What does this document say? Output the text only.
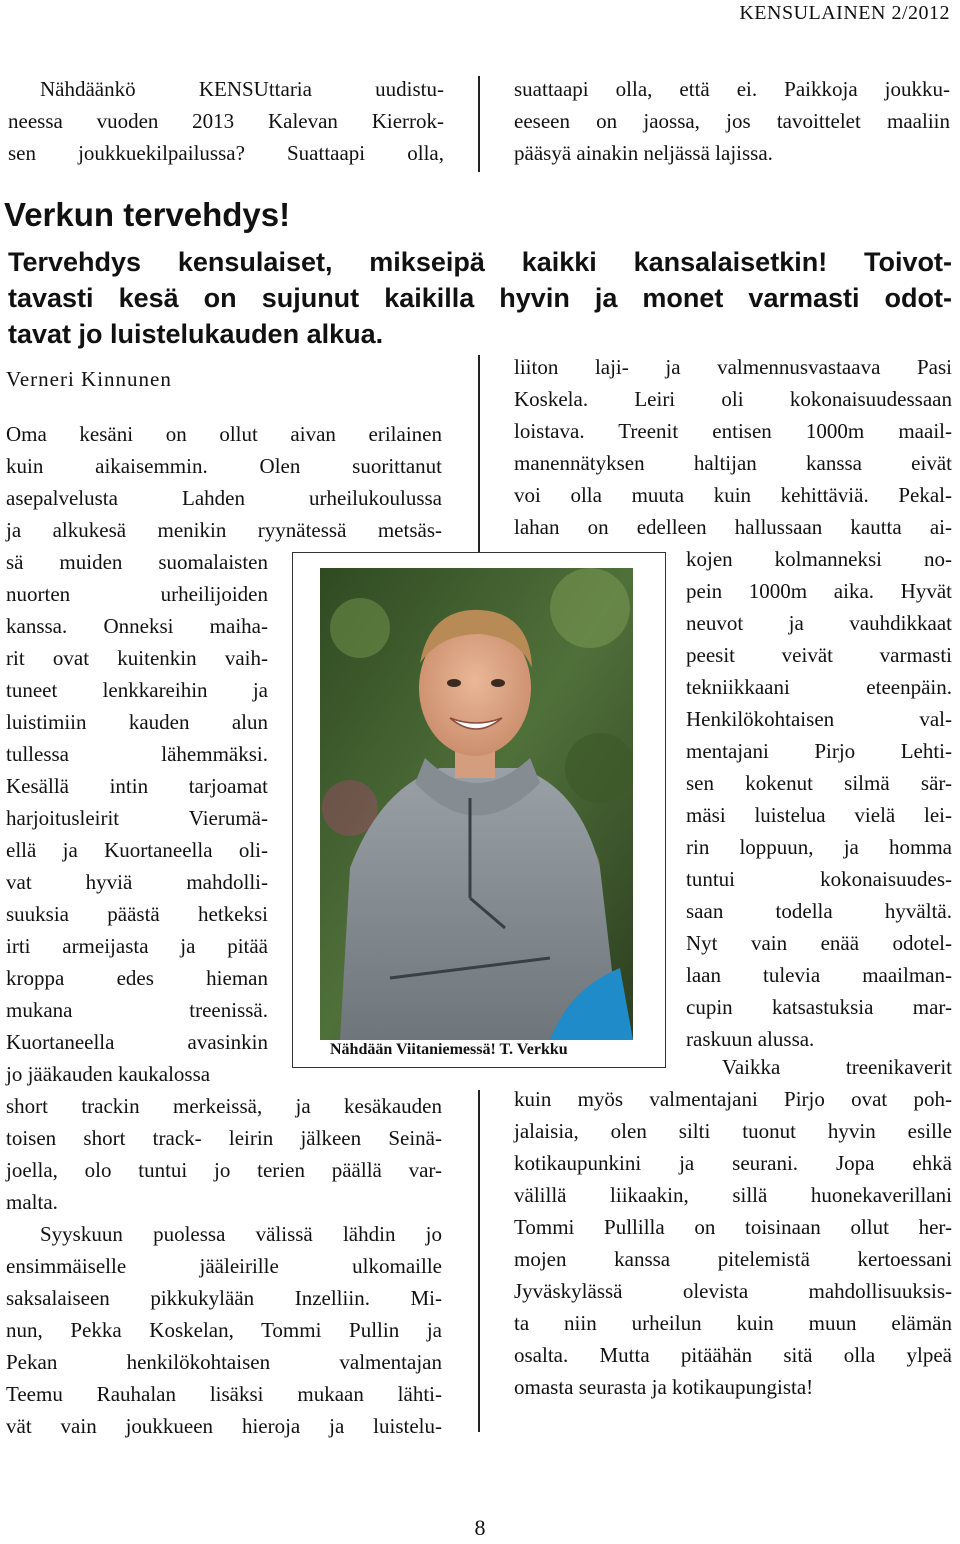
KENSULAINEN 2/2012
Nähdäänkö KENSUttaria uudistu-
neessa vuoden 2013 Kalevan Kierrok-
sen joukkuekilpailussa? Suattaapi olla,
suattaapi olla, että ei. Paikkoja joukku-
eeseen on jaossa, jos tavoittelet maaliin
pääsyä ainakin neljässä lajissa.
Verkun tervehdys!
Tervehdys kensulaiset, mikseipä kaikki kansalaisetkin! Toivot-
tavasti kesä on sujunut kaikilla hyvin ja monet varmasti odot-
tavat jo luistelukauden alkua.
Verneri Kinnunen
Oma kesäni on ollut aivan erilainen
kuin aikaisemmin. Olen suorittanut
asepalvelusta Lahden urheilukoulussa
ja alkukesä menikin ryynätessä metsäs-
sä muiden suomalaisten
nuorten urheilijoiden
kanssa. Onneksi maiha-
rit ovat kuitenkin vaih-
tuneet lenkkareihin ja
luistimiin kauden alun
tullessa lähemmäksi.
Kesällä intin tarjoamat
harjoitusleirit Vierumä-
ellä ja Kuortaneella oli-
vat hyviä mahdolli-
suuksia päästä hetkeksi
irti armeijasta ja pitää
kroppa edes hieman
mukana treenissä.
Kuortaneella avasinkin
jo jääkauden kaukalossa
short trackin merkeissä, ja kesäkauden
toisen short track- leirin jälkeen Seinä-
joella, olo tuntui jo terien päällä var-
malta.
Syyskuun puolessa välissä lähdin jo
ensimmäiselle jääleirille ulkomaille
saksalaiseen pikkukylään Inzelliin. Mi-
nun, Pekka Koskelan, Tommi Pullin ja
Pekan henkilökohtaisen valmentajan
Teemu Rauhalan lisäksi mukaan lähti-
vät vain joukkueen hieroja ja luistelu-
liiton laji- ja valmennusvastaava Pasi
Koskela. Leiri oli kokonaisuudessaan
loistava. Treenit entisen 1000m maail-
manennätyksen haltijan kanssa eivät
voi olla muuta kuin kehittäviä. Pekal-
lahan on edelleen hallussaan kautta ai-
kojen kolmanneksi no-
pein 1000m aika. Hyvät
neuvot ja vauhdikkaat
peesit veivät varmasti
tekniikkaani eteenpäin.
Henkilökohtaisen val-
mentajani Pirjo Lehti-
sen kokenut silmä sär-
mäsi luistelua vielä lei-
rin loppuun, ja homma
tuntui kokonaisuudes-
saan todella hyvältä.
Nyt vain enää odotel-
laan tulevia maailman-
cupin katsastuksia mar-
raskuun alussa.
Vaikka treenikaverit
kuin myös valmentajani Pirjo ovat poh-
jalaisia, olen silti tuonut hyvin esille
kotikaupunkini ja seurani. Jopa ehkä
välillä liikaakin, sillä huonekaverillani
Tommi Pullilla on toisinaan ollut her-
mojen kanssa pitelemistä kertoessani
Jyväskylässä olevista mahdollisuuksis-
ta niin urheilun kuin muun elämän
osalta. Mutta pitäähän sitä olla ylpeä
omasta seurasta ja kotikaupungista!
Nähdään Viitaniemessä! T. Verkku
8
